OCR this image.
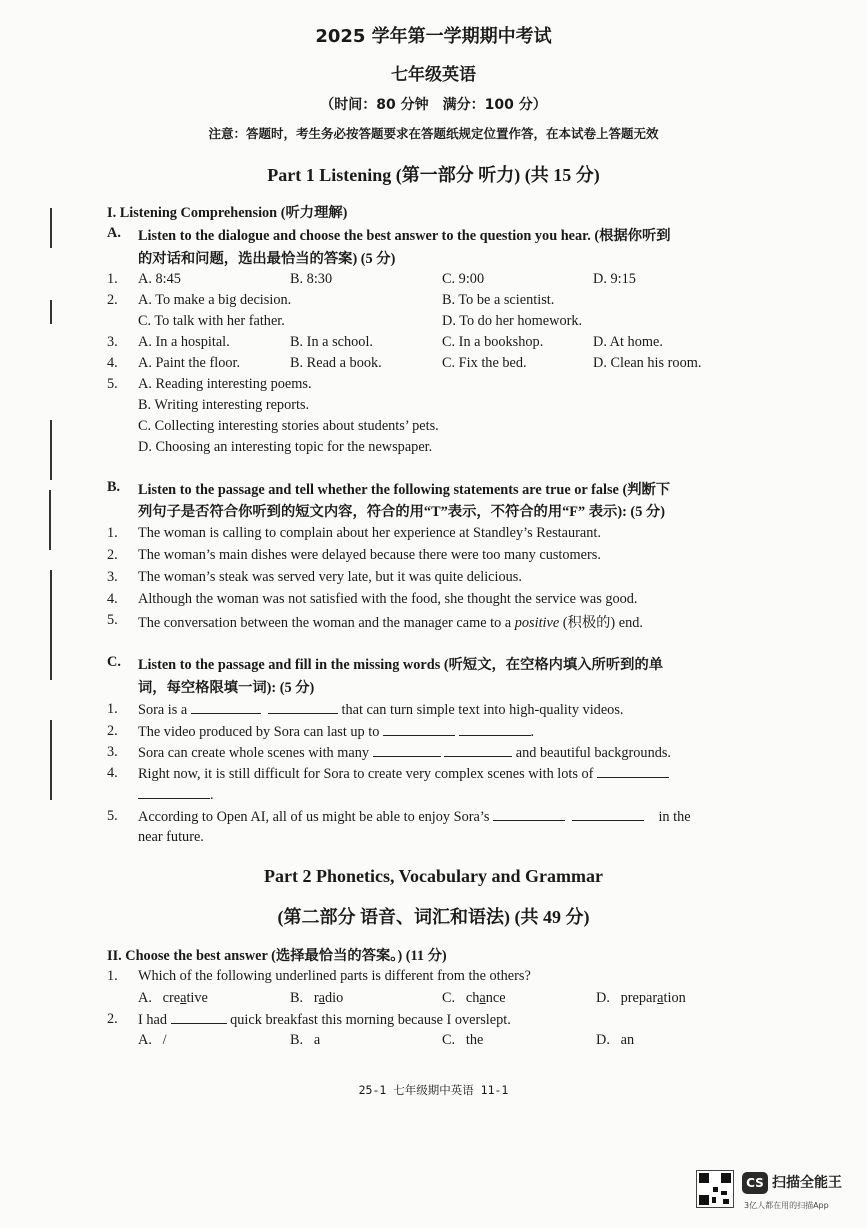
2025 学年第一学期期中考试
七年级英语
（时间：80 分钟　满分：100 分）
注意：答题时，考生务必按答题要求在答题纸规定位置作答，在本试卷上答题无效
Part 1 Listening (第一部分 听力) (共 15 分)
I. Listening Comprehension (听力理解)
A. Listen to the dialogue and choose the best answer to the question you hear. (根据你听到
的对话和问题，选出最恰当的答案) (5 分)
1. A. 8:45	B. 8:30	C. 9:00	D. 9:15
2. A. To make a big decision.	B. To be a scientist.
C. To talk with her father.	D. To do her homework.
3. A. In a hospital.	B. In a school.	C. In a bookshop.	D. At home.
4. A. Paint the floor.	B. Read a book.	C. Fix the bed.	D. Clean his room.
5. A. Reading interesting poems.
B. Writing interesting reports.
C. Collecting interesting stories about students’ pets.
D. Choosing an interesting topic for the newspaper.
B. Listen to the passage and tell whether the following statements are true or false (判断下
列句子是否符合你听到的短文内容，符合的用“T”表示，不符合的用“F” 表示): (5 分)
1. The woman is calling to complain about her experience at Standley’s Restaurant.
2. The woman’s main dishes were delayed because there were too many customers.
3. The woman’s steak was served very late, but it was quite delicious.
4. Although the woman was not satisfied with the food, she thought the service was good.
5. The conversation between the woman and the manager came to a positive (积极的) end.
C. Listen to the passage and fill in the missing words (听短文，在空格内填入所听到的单
词，每空格限填一词): (5 分)
1. Sora is a	that can turn simple text into high-quality videos.
2. The video produced by Sora can last up to	.
3. Sora can create whole scenes with many	and beautiful backgrounds.
4. Right now, it is still difficult for Sora to create very complex scenes with lots of
.
5. According to Open AI, all of us might be able to enjoy Sora’s	in the
near future.
Part 2 Phonetics, Vocabulary and Grammar
(第二部分 语音、词汇和语法) (共 49 分)
II. Choose the best answer (选择最恰当的答案。) (11 分)
1. Which of the following underlined parts is different from the others?
A. creative	B. radio	C. chance	D. preparation
2. I had	quick breakfast this morning because I overslept.
A. /	B. a	C. the	D. an
25-1 七年级期中英语 11-1
CS 扫描全能王
3亿人都在用的扫描App
